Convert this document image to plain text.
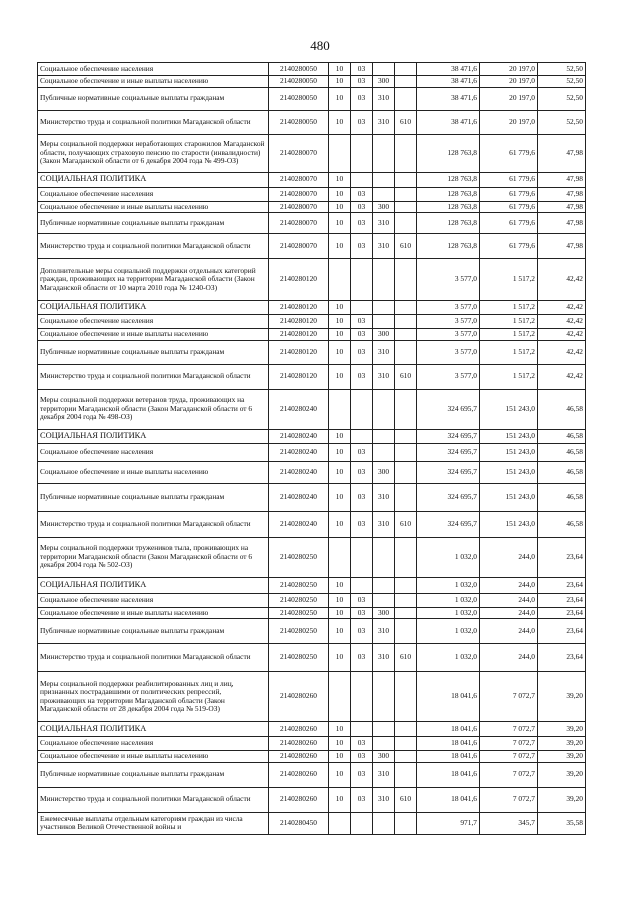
480
Социальное обеспечение населения	2140280050	10	03			38 471,6	20 197,0	52,50
Социальное обеспечение и иные выплаты населению	2140280050	10	03	300		38 471,6	20 197,0	52,50
Публичные нормативные социальные выплаты гражданам	2140280050	10	03	310		38 471,6	20 197,0	52,50
Министерство труда и социальной политики Магаданской области	2140280050	10	03	310	610	38 471,6	20 197,0	52,50
Меры социальной поддержки неработающих старожилов Магаданской области, получающих страховую пенсию по старости (инвалидности) (Закон Магаданской области от 6 декабря 2004 года № 499-ОЗ)	2140280070					128 763,8	61 779,6	47,98
СОЦИАЛЬНАЯ ПОЛИТИКА	2140280070	10				128 763,8	61 779,6	47,98
Социальное обеспечение населения	2140280070	10	03			128 763,8	61 779,6	47,98
Социальное обеспечение и иные выплаты населению	2140280070	10	03	300		128 763,8	61 779,6	47,98
Публичные нормативные социальные выплаты гражданам	2140280070	10	03	310		128 763,8	61 779,6	47,98
Министерство труда и социальной политики Магаданской области	2140280070	10	03	310	610	128 763,8	61 779,6	47,98
Дополнительные меры социальной поддержки отдельных категорий граждан, проживающих на территории Магаданской области (Закон Магаданской области от 10 марта 2010 года № 1240-ОЗ)	2140280120					3 577,0	1 517,2	42,42
СОЦИАЛЬНАЯ ПОЛИТИКА	2140280120	10				3 577,0	1 517,2	42,42
Социальное обеспечение населения	2140280120	10	03			3 577,0	1 517,2	42,42
Социальное обеспечение и иные выплаты населению	2140280120	10	03	300		3 577,0	1 517,2	42,42
Публичные нормативные социальные выплаты гражданам	2140280120	10	03	310		3 577,0	1 517,2	42,42
Министерство труда и социальной политики Магаданской области	2140280120	10	03	310	610	3 577,0	1 517,2	42,42
Меры социальной поддержки ветеранов труда, проживающих на территории Магаданской области (Закон Магаданской области от 6 декабря 2004 года № 498-ОЗ)	2140280240					324 695,7	151 243,0	46,58
СОЦИАЛЬНАЯ ПОЛИТИКА	2140280240	10				324 695,7	151 243,0	46,58
Социальное обеспечение населения	2140280240	10	03			324 695,7	151 243,0	46,58
Социальное обеспечение и иные выплаты населению	2140280240	10	03	300		324 695,7	151 243,0	46,58
Публичные нормативные социальные выплаты гражданам	2140280240	10	03	310		324 695,7	151 243,0	46,58
Министерство труда и социальной политики Магаданской области	2140280240	10	03	310	610	324 695,7	151 243,0	46,58
Меры социальной поддержки тружеников тыла, проживающих на территории Магаданской области (Закон Магаданской области от 6 декабря 2004 года № 502-ОЗ)	2140280250					1 032,0	244,0	23,64
СОЦИАЛЬНАЯ ПОЛИТИКА	2140280250	10				1 032,0	244,0	23,64
Социальное обеспечение населения	2140280250	10	03			1 032,0	244,0	23,64
Социальное обеспечение и иные выплаты населению	2140280250	10	03	300		1 032,0	244,0	23,64
Публичные нормативные социальные выплаты гражданам	2140280250	10	03	310		1 032,0	244,0	23,64
Министерство труда и социальной политики Магаданской области	2140280250	10	03	310	610	1 032,0	244,0	23,64
Меры социальной поддержки реабилитированных лиц и лиц, признанных пострадавшими от политических репрессий, проживающих на территории Магаданской области (Закон Магаданской области от 28 декабря 2004 года № 519-ОЗ)	2140280260					18 041,6	7 072,7	39,20
СОЦИАЛЬНАЯ ПОЛИТИКА	2140280260	10				18 041,6	7 072,7	39,20
Социальное обеспечение населения	2140280260	10	03			18 041,6	7 072,7	39,20
Социальное обеспечение и иные выплаты населению	2140280260	10	03	300		18 041,6	7 072,7	39,20
Публичные нормативные социальные выплаты гражданам	2140280260	10	03	310		18 041,6	7 072,7	39,20
Министерство труда и социальной политики Магаданской области	2140280260	10	03	310	610	18 041,6	7 072,7	39,20
Ежемесячные выплаты отдельным категориям граждан из числа участников Великой Отечественной войны и	2140280450					971,7	345,7	35,58
